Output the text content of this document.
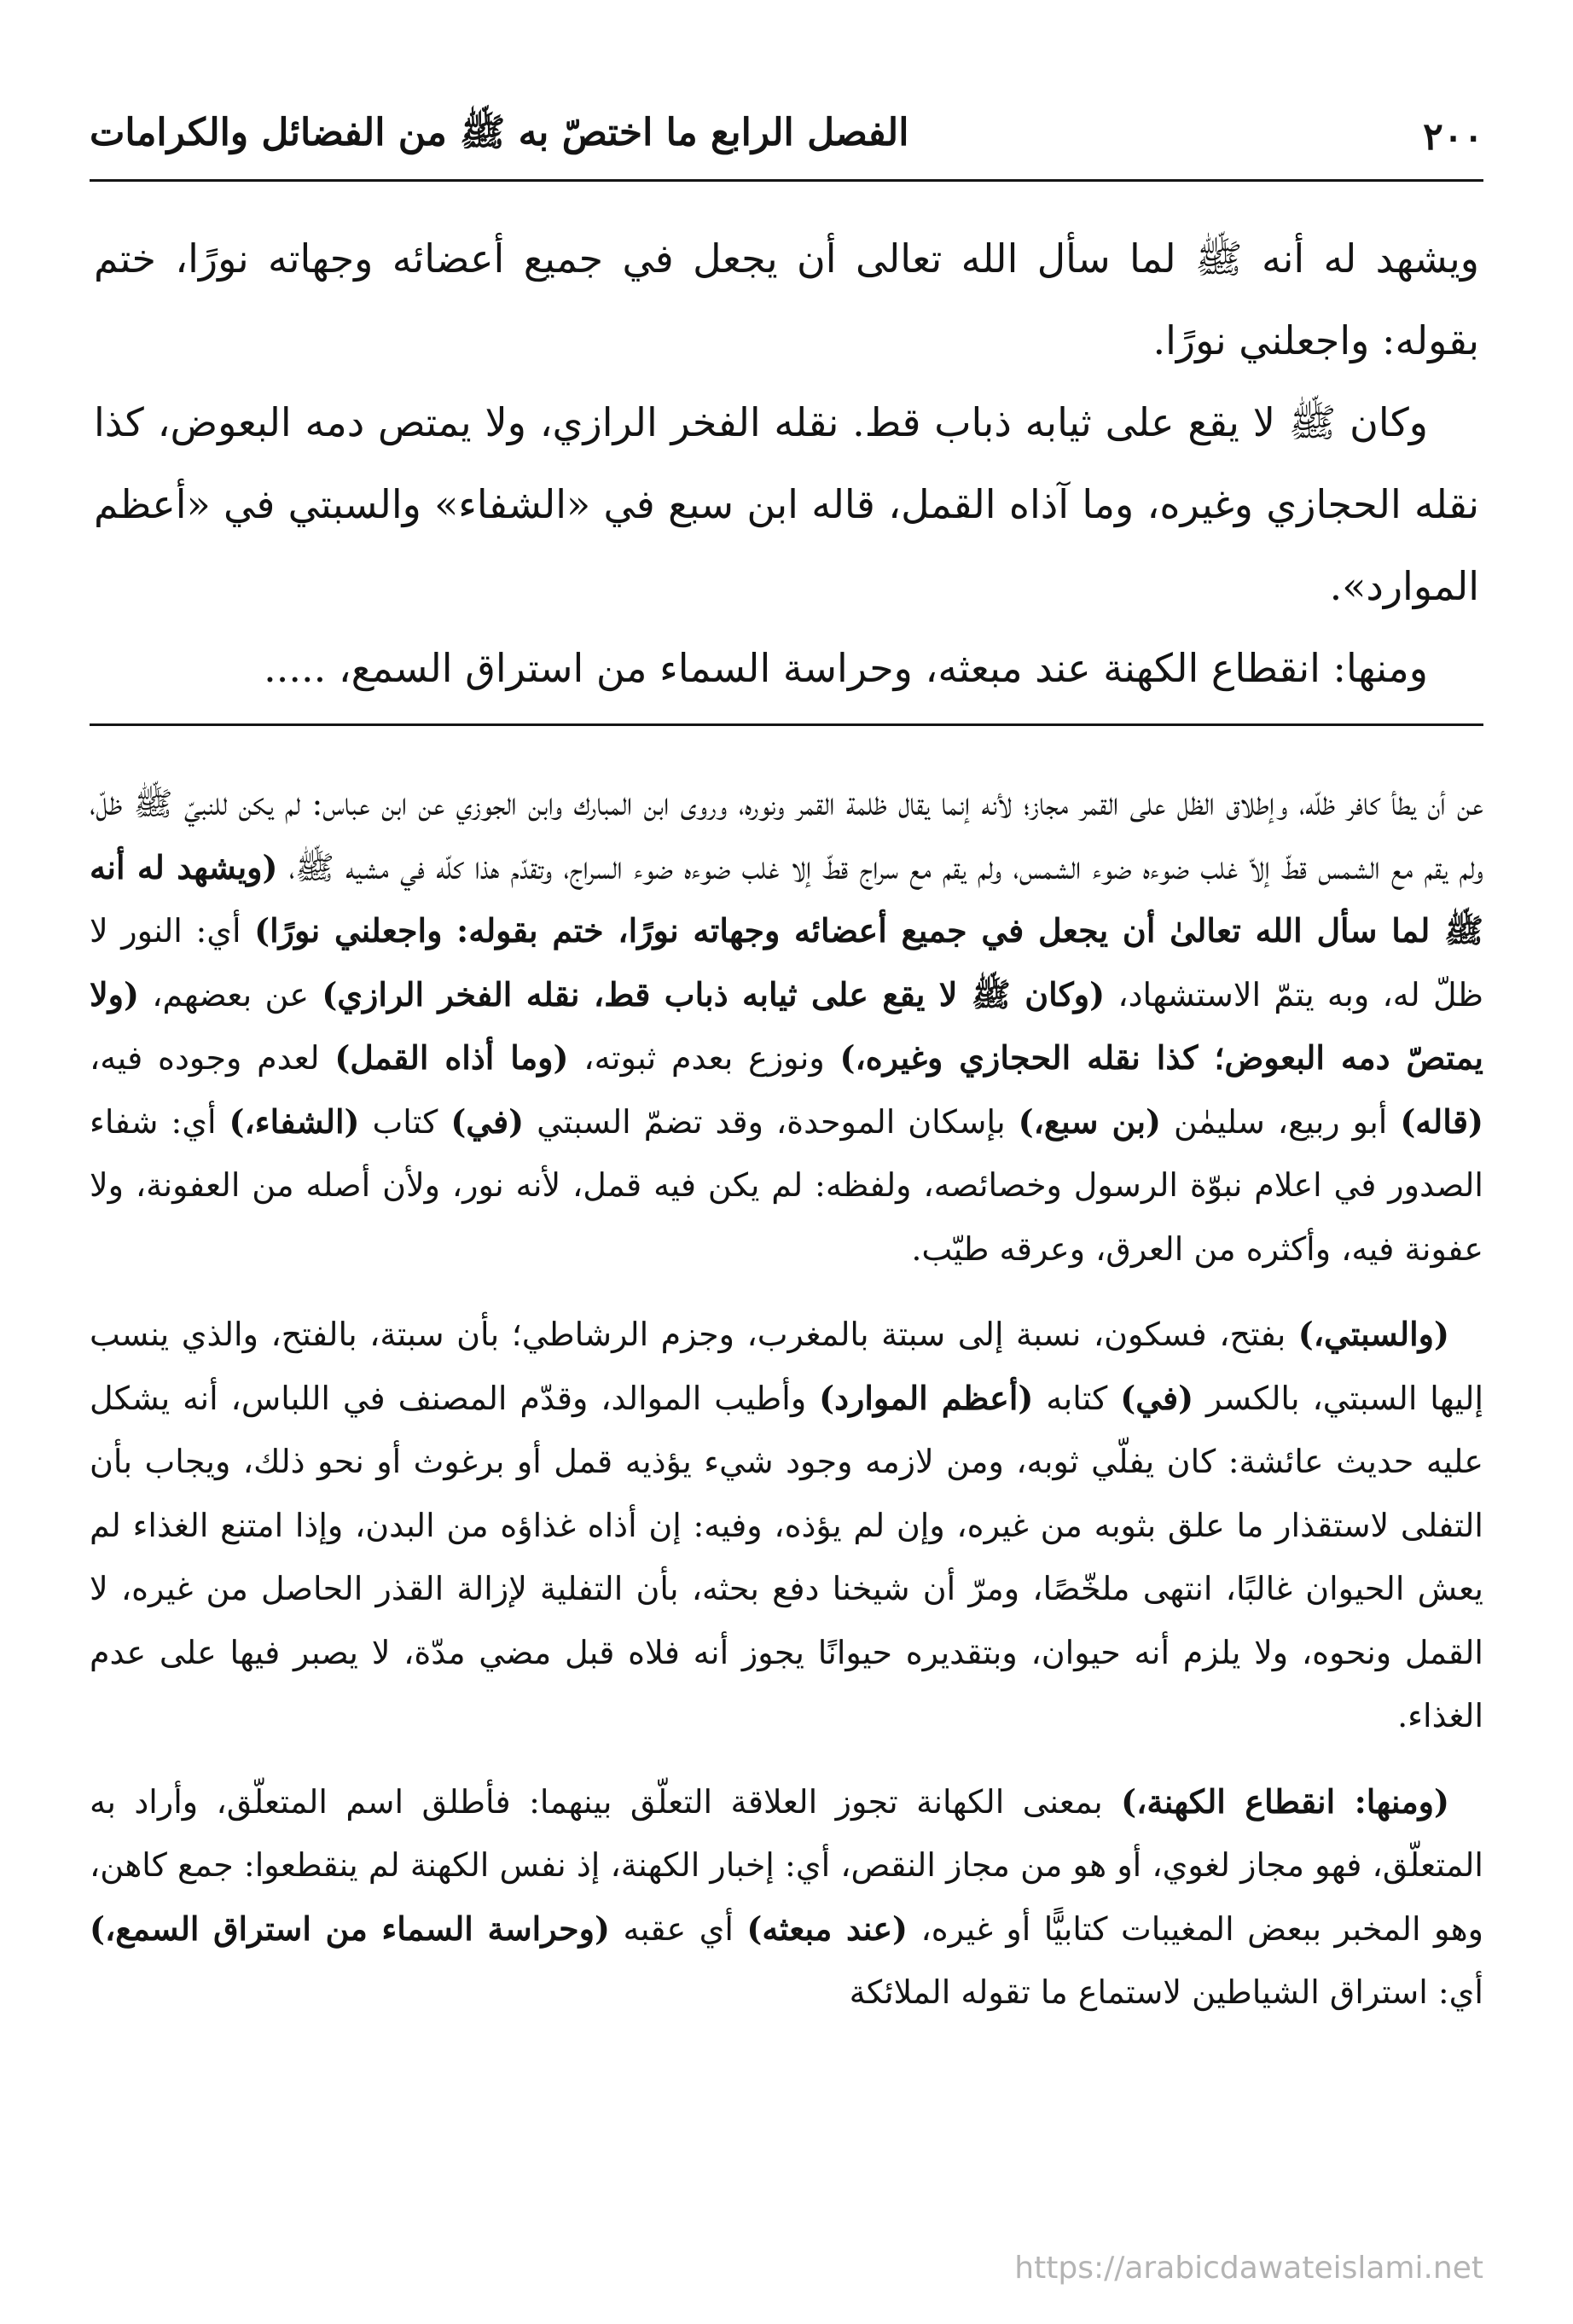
٢٠٠
الفصل الرابع ما اختصّ به ﷺ من الفضائل والكرامات

ويشهد له أنه ﷺ لما سأل الله تعالى أن يجعل في جميع أعضائه وجهاته نورًا، ختم بقوله: واجعلني نورًا.

وكان ﷺ لا يقع على ثيابه ذباب قط. نقله الفخر الرازي، ولا يمتص دمه البعوض، كذا نقله الحجازي وغيره، وما آذاه القمل، قاله ابن سبع في «الشفاء» والسبتي في «أعظم الموارد».

ومنها: انقطاع الكهنة عند مبعثه، وحراسة السماء من استراق السمع، .....

عن أن يطأ كافر ظلّه، وإطلاق الظل على القمر مجاز؛ لأنه إنما يقال ظلمة القمر ونوره، وروى ابن المبارك وابن الجوزي عن ابن عباس: لم يكن للنبيّ ﷺ ظلّ، ولم يقم مع الشمس قطّ إلاّ غلب ضوءه ضوء الشمس، ولم يقم مع سراج قطّ إلا غلب ضوءه ضوء السراج، وتقدّم هذا كلّه في مشيه ﷺ، (ويشهد له أنه ﷺ لما سأل الله تعالىٰ أن يجعل في جميع أعضائه وجهاته نورًا، ختم بقوله: واجعلني نورًا) أي: النور لا ظلّ له، وبه يتمّ الاستشهاد، (وكان ﷺ لا يقع على ثيابه ذباب قط، نقله الفخر الرازي) عن بعضهم، (ولا يمتصّ دمه البعوض؛ كذا نقله الحجازي وغيره،) ونوزع بعدم ثبوته، (وما أذاه القمل) لعدم وجوده فيه، (قاله) أبو ربيع، سليمٰن (بن سبع،) بإسكان الموحدة، وقد تضمّ السبتي (في) كتاب (الشفاء،) أي: شفاء الصدور في اعلام نبوّة الرسول وخصائصه، ولفظه: لم يكن فيه قمل، لأنه نور، ولأن أصله من العفونة، ولا عفونة فيه، وأكثره من العرق، وعرقه طيّب.

(والسبتي،) بفتح، فسكون، نسبة إلى سبتة بالمغرب، وجزم الرشاطي؛ بأن سبتة، بالفتح، والذي ينسب إليها السبتي، بالكسر (في) كتابه (أعظم الموارد) وأطيب الموالد، وقدّم المصنف في اللباس، أنه يشكل عليه حديث عائشة: كان يفلّي ثوبه، ومن لازمه وجود شيء يؤذيه قمل أو برغوث أو نحو ذلك، ويجاب بأن التفلى لاستقذار ما علق بثوبه من غيره، وإن لم يؤذه، وفيه: إن أذاه غذاؤه من البدن، وإذا امتنع الغذاء لم يعش الحيوان غالبًا، انتهى ملخّصًا، ومرّ أن شيخنا دفع بحثه، بأن التفلية لإزالة القذر الحاصل من غيره، لا القمل ونحوه، ولا يلزم أنه حيوان، وبتقديره حيوانًا يجوز أنه فلاه قبل مضي مدّة، لا يصبر فيها على عدم الغذاء.

(ومنها: انقطاع الكهنة،) بمعنى الكهانة تجوز العلاقة التعلّق بينهما: فأطلق اسم المتعلّق، وأراد به المتعلّق، فهو مجاز لغوي، أو هو من مجاز النقص، أي: إخبار الكهنة، إذ نفس الكهنة لم ينقطعوا: جمع كاهن، وهو المخبر ببعض المغيبات كتابيًّا أو غيره، (عند مبعثه) أي عقبه (وحراسة السماء من استراق السمع،) أي: استراق الشياطين لاستماع ما تقوله الملائكة

https://arabicdawateislami.net
